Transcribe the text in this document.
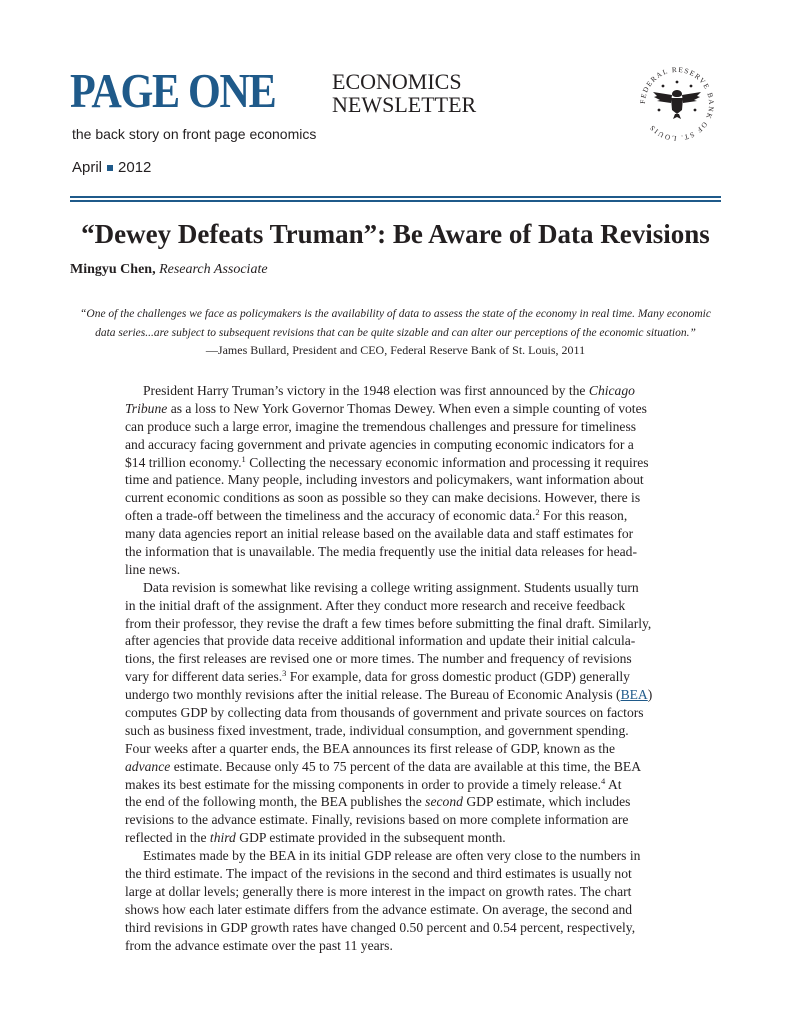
PAGE ONE	ECONOMICS
NEWSLETTER
the back story on front page economics
April 2012
FEDERAL RESERVE BANK OF ST. LOUIS
“Dewey Defeats Truman”: Be Aware of Data Revisions
Mingyu Chen, Research Associate
“One of the challenges we face as policymakers is the availability of data to assess the state of the economy in real time. Many economic
data series...are subject to subsequent revisions that can be quite sizable and can alter our perceptions of the economic situation.”
—James Bullard, President and CEO, Federal Reserve Bank of St. Louis, 2011
President Harry Truman’s victory in the 1948 election was first announced by the Chicago
Tribune as a loss to New York Governor Thomas Dewey. When even a simple counting of votes
can produce such a large error, imagine the tremendous challenges and pressure for timeliness
and accuracy facing government and private agencies in computing economic indicators for a
$14 trillion economy.$^1$ Collecting the necessary economic information and processing it requires
time and patience. Many people, including investors and policymakers, want information about
current economic conditions as soon as possible so they can make decisions. However, there is
often a trade-off between the timeliness and the accuracy of economic data.$^2$ For this reason,
many data agencies report an initial release based on the available data and staff estimates for
the information that is unavailable. The media frequently use the initial data releases for head-
line news.
Data revision is somewhat like revising a college writing assignment. Students usually turn
in the initial draft of the assignment. After they conduct more research and receive feedback
from their professor, they revise the draft a few times before submitting the final draft. Similarly,
after agencies that provide data receive additional information and update their initial calcula-
tions, the first releases are revised one or more times. The number and frequency of revisions
vary for different data series.$^3$ For example, data for gross domestic product (GDP) generally
undergo two monthly revisions after the initial release. The Bureau of Economic Analysis (BEA)
computes GDP by collecting data from thousands of government and private sources on factors
such as business fixed investment, trade, individual consumption, and government spending.
Four weeks after a quarter ends, the BEA announces its first release of GDP, known as the
advance estimate. Because only 45 to 75 percent of the data are available at this time, the BEA
makes its best estimate for the missing components in order to provide a timely release.$^4$ At
the end of the following month, the BEA publishes the second GDP estimate, which includes
revisions to the advance estimate. Finally, revisions based on more complete information are
reflected in the third GDP estimate provided in the subsequent month.
Estimates made by the BEA in its initial GDP release are often very close to the numbers in
the third estimate. The impact of the revisions in the second and third estimates is usually not
large at dollar levels; generally there is more interest in the impact on growth rates. The chart
shows how each later estimate differs from the advance estimate. On average, the second and
third revisions in GDP growth rates have changed 0.50 percent and 0.54 percent, respectively,
from the advance estimate over the past 11 years.
